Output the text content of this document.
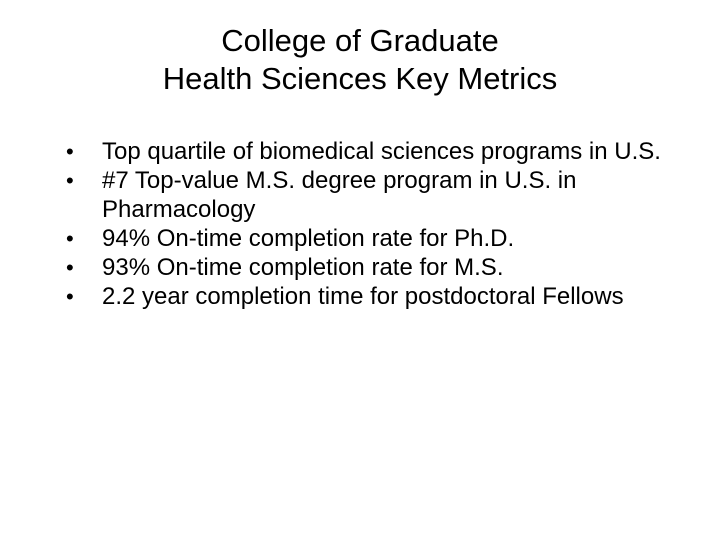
College of Graduate
Health Sciences Key Metrics
• Top quartile of biomedical sciences programs in U.S.
• #7 Top-value M.S. degree program in U.S. in Pharmacology
• 94% On-time completion rate for Ph.D.
• 93% On-time completion rate for M.S.
• 2.2 year completion time for postdoctoral Fellows
